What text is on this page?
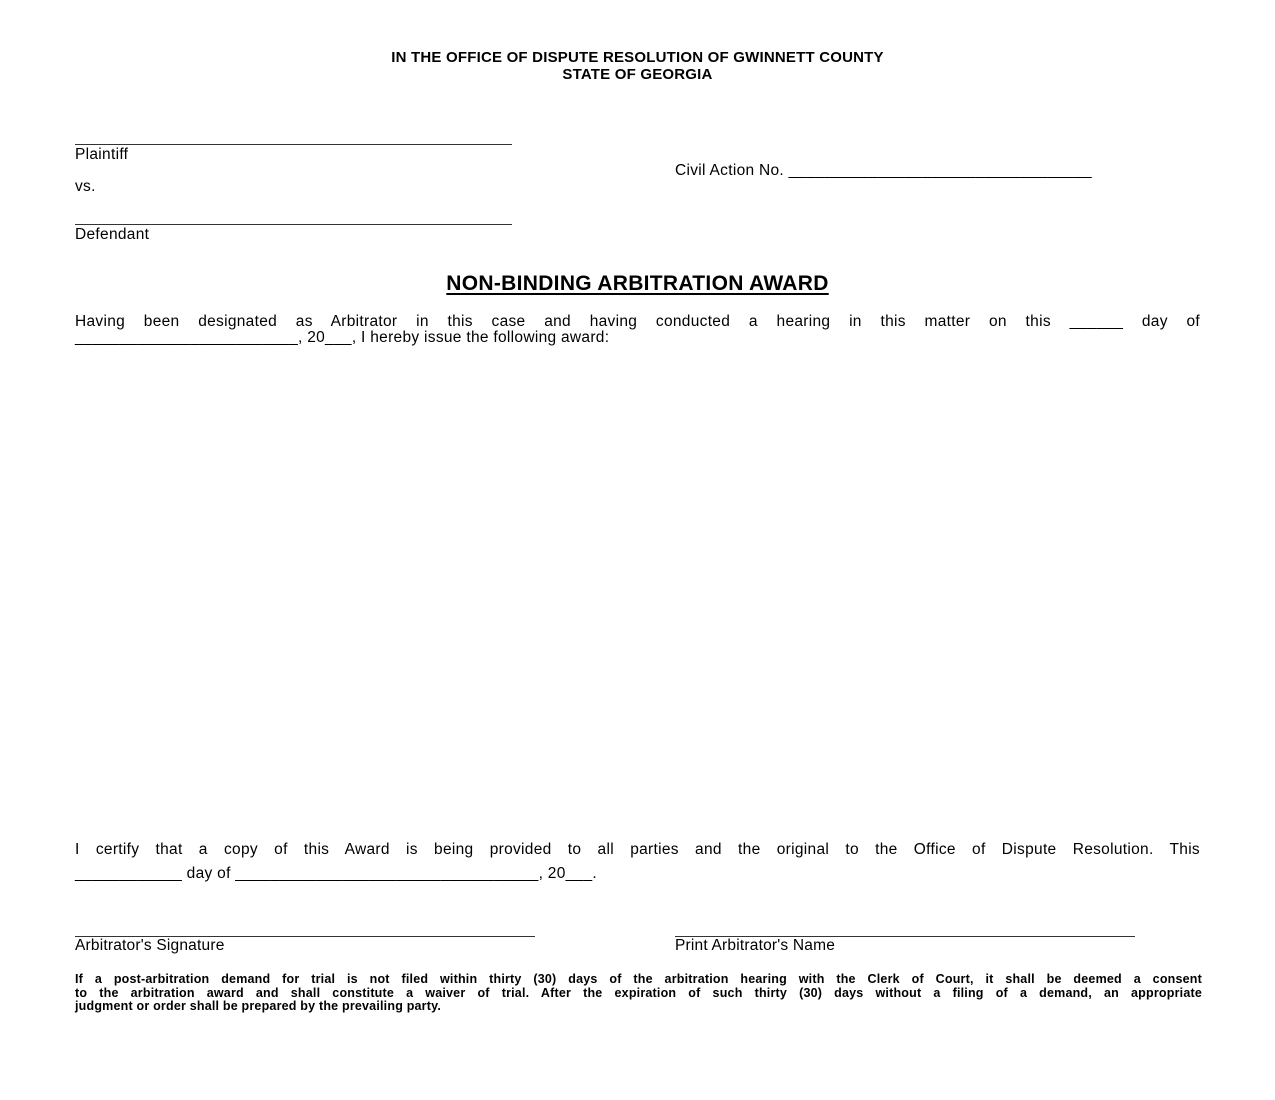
IN THE OFFICE OF DISPUTE RESOLUTION OF GWINNETT COUNTY
STATE OF GEORGIA
Plaintiff
vs.
Defendant
Civil Action No. __________________________________
NON-BINDING ARBITRATION AWARD
Having been designated as Arbitrator in this case and having conducted a hearing in this matter on this ______ day of
_________________________, 20___, I hereby issue the following award:
I certify that a copy of this Award is being provided to all parties and the original to the Office of Dispute Resolution. This
____________ day of __________________________________, 20___.
Arbitrator's Signature	Print Arbitrator's Name
If a post-arbitration demand for trial is not filed within thirty (30) days of the arbitration hearing with the Clerk of Court, it shall be deemed a consent
to the arbitration award and shall constitute a waiver of trial. After the expiration of such thirty (30) days without a filing of a demand, an appropriate
judgment or order shall be prepared by the prevailing party.
